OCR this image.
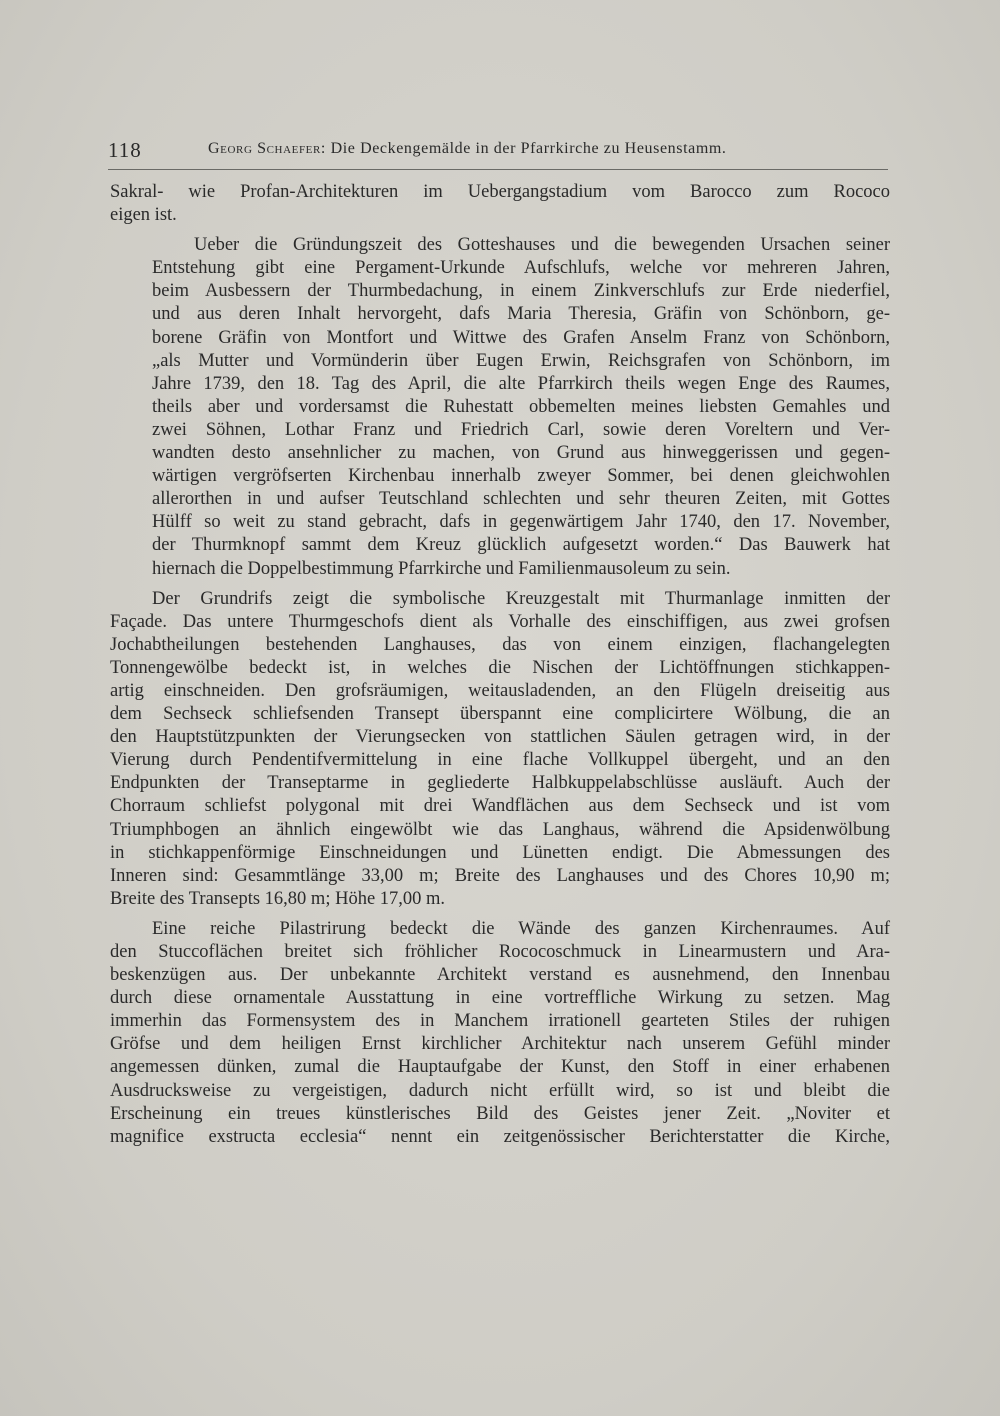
118	Georg Schaefer: Die Deckengemälde in der Pfarrkirche zu Heusenstamm.
Sakral- wie Profan-Architekturen im Uebergangstadium vom Barocco zum Rococo
eigen ist.
Ueber die Gründungszeit des Gotteshauses und die bewegenden Ursachen seiner
Entstehung gibt eine Pergament-Urkunde Aufschlufs, welche vor mehreren Jahren,
beim Ausbessern der Thurmbedachung, in einem Zinkverschlufs zur Erde niederfiel,
und aus deren Inhalt hervorgeht, dafs Maria Theresia, Gräfin von Schönborn, ge-
borene Gräfin von Montfort und Wittwe des Grafen Anselm Franz von Schönborn,
„als Mutter und Vormünderin über Eugen Erwin, Reichsgrafen von Schönborn, im
Jahre 1739, den 18. Tag des April, die alte Pfarrkirch theils wegen Enge des Raumes,
theils aber und vordersamst die Ruhestatt obbemelten meines liebsten Gemahles und
zwei Söhnen, Lothar Franz und Friedrich Carl, sowie deren Voreltern und Ver-
wandten desto ansehnlicher zu machen, von Grund aus hinweggerissen und gegen-
wärtigen vergröfserten Kirchenbau innerhalb zweyer Sommer, bei denen gleichwohlen
allerorthen in und aufser Teutschland schlechten und sehr theuren Zeiten, mit Gottes
Hülff so weit zu stand gebracht, dafs in gegenwärtigem Jahr 1740, den 17. November,
der Thurmknopf sammt dem Kreuz glücklich aufgesetzt worden.“ Das Bauwerk hat
hiernach die Doppelbestimmung Pfarrkirche und Familienmausoleum zu sein.
Der Grundrifs zeigt die symbolische Kreuzgestalt mit Thurmanlage inmitten der
Façade. Das untere Thurmgeschofs dient als Vorhalle des einschiffigen, aus zwei grofsen
Jochabtheilungen bestehenden Langhauses, das von einem einzigen, flachangelegten
Tonnengewölbe bedeckt ist, in welches die Nischen der Lichtöffnungen stichkappen-
artig einschneiden. Den grofsräumigen, weitausladenden, an den Flügeln dreiseitig aus
dem Sechseck schliefsenden Transept überspannt eine complicirtere Wölbung, die an
den Hauptstützpunkten der Vierungsecken von stattlichen Säulen getragen wird, in der
Vierung durch Pendentifvermittelung in eine flache Vollkuppel übergeht, und an den
Endpunkten der Transeptarme in gegliederte Halbkuppelabschlüsse ausläuft. Auch der
Chorraum schliefst polygonal mit drei Wandflächen aus dem Sechseck und ist vom
Triumphbogen an ähnlich eingewölbt wie das Langhaus, während die Apsidenwölbung
in stichkappenförmige Einschneidungen und Lünetten endigt. Die Abmessungen des
Inneren sind: Gesammtlänge 33,00 m; Breite des Langhauses und des Chores 10,90 m;
Breite des Transepts 16,80 m; Höhe 17,00 m.
Eine reiche Pilastrirung bedeckt die Wände des ganzen Kirchenraumes. Auf
den Stuccoflächen breitet sich fröhlicher Rococoschmuck in Linearmustern und Ara-
beskenzügen aus. Der unbekannte Architekt verstand es ausnehmend, den Innenbau
durch diese ornamentale Ausstattung in eine vortreffliche Wirkung zu setzen. Mag
immerhin das Formensystem des in Manchem irrationell gearteten Stiles der ruhigen
Gröfse und dem heiligen Ernst kirchlicher Architektur nach unserem Gefühl minder
angemessen dünken, zumal die Hauptaufgabe der Kunst, den Stoff in einer erhabenen
Ausdrucksweise zu vergeistigen, dadurch nicht erfüllt wird, so ist und bleibt die
Erscheinung ein treues künstlerisches Bild des Geistes jener Zeit. „Noviter et
magnifice exstructa ecclesia“ nennt ein zeitgenössischer Berichterstatter die Kirche,
